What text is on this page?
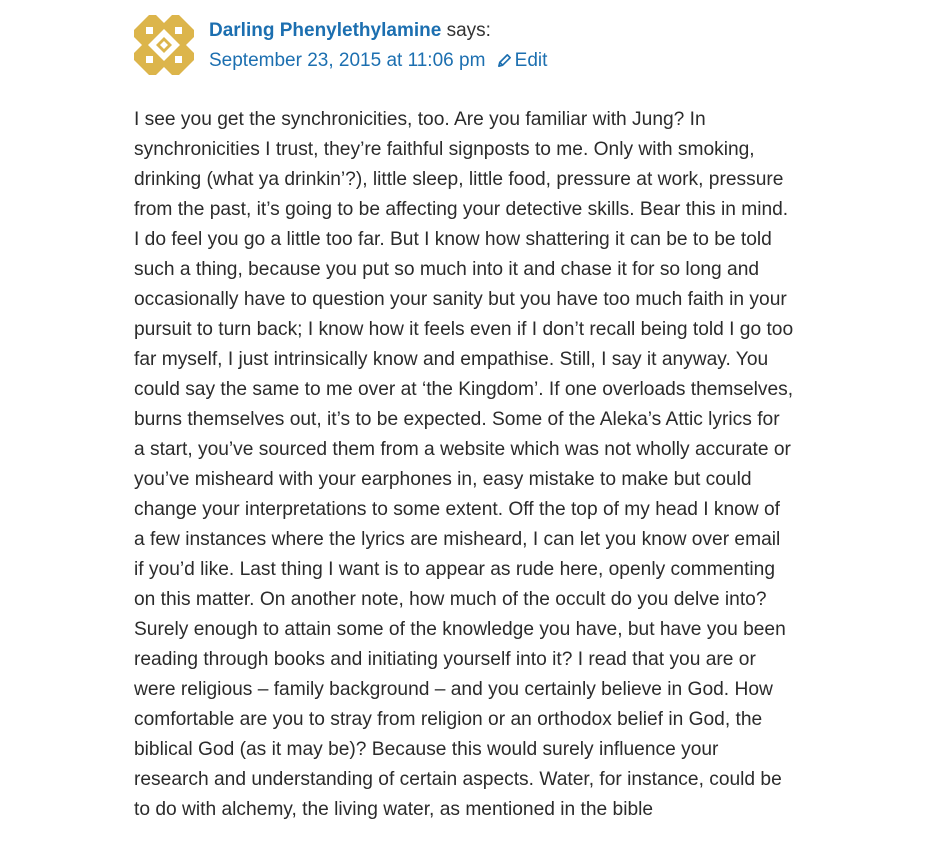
Darling Phenylethylamine says:
September 23, 2015 at 11:06 pm Edit

I see you get the synchronicities, too. Are you familiar with Jung? In synchronicities I trust, they’re faithful signposts to me. Only with smoking, drinking (what ya drinkin’?), little sleep, little food, pressure at work, pressure from the past, it’s going to be affecting your detective skills. Bear this in mind. I do feel you go a little too far. But I know how shattering it can be to be told such a thing, because you put so much into it and chase it for so long and occasionally have to question your sanity but you have too much faith in your pursuit to turn back; I know how it feels even if I don’t recall being told I go too far myself, I just intrinsically know and empathise. Still, I say it anyway. You could say the same to me over at ‘the Kingdom’. If one overloads themselves, burns themselves out, it’s to be expected. Some of the Aleka’s Attic lyrics for a start, you’ve sourced them from a website which was not wholly accurate or you’ve misheard with your earphones in, easy mistake to make but could change your interpretations to some extent. Off the top of my head I know of a few instances where the lyrics are misheard, I can let you know over email if you’d like. Last thing I want is to appear as rude here, openly commenting on this matter. On another note, how much of the occult do you delve into? Surely enough to attain some of the knowledge you have, but have you been reading through books and initiating yourself into it? I read that you are or were religious – family background – and you certainly believe in God. How comfortable are you to stray from religion or an orthodox belief in God, the biblical God (as it may be)? Because this would surely influence your research and understanding of certain aspects. Water, for instance, could be to do with alchemy, the living water, as mentioned in the bible
